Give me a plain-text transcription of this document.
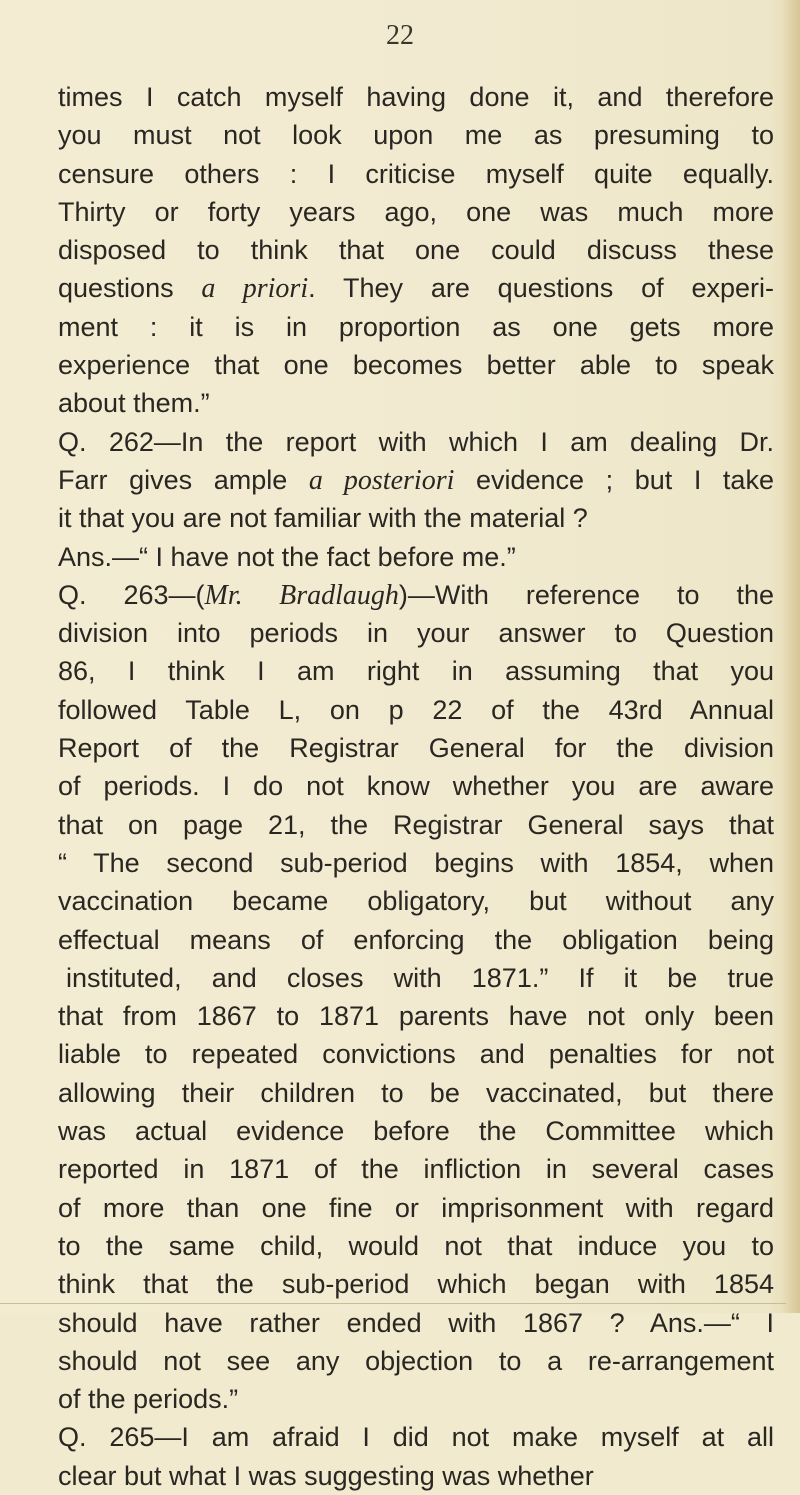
22
times I catch myself having done it, and therefore
you must not look upon me as presuming to
censure others : I criticise myself quite equally.
Thirty or forty years ago, one was much more
disposed to think that one could discuss these
questions a priori. They are questions of experi-
ment : it is in proportion as one gets more
experience that one becomes better able to speak
about them.”
Q. 262—In the report with which I am dealing Dr.
Farr gives ample a posteriori evidence ; but I take
it that you are not familiar with the material ?
Ans.—“ I have not the fact before me.”
Q. 263—(Mr. Bradlaugh)—With reference to the
division into periods in your answer to Question
86, I think I am right in assuming that you
followed Table L, on p 22 of the 43rd Annual
Report of the Registrar General for the division
of periods. I do not know whether you are aware
that on page 21, the Registrar General says that
“ The second sub-period begins with 1854, when
vaccination became obligatory, but without any
effectual means of enforcing the obligation being
instituted, and closes with 1871.” If it be true
that from 1867 to 1871 parents have not only been
liable to repeated convictions and penalties for not
allowing their children to be vaccinated, but there
was actual evidence before the Committee which
reported in 1871 of the infliction in several cases
of more than one fine or imprisonment with regard
to the same child, would not that induce you to
think that the sub-period which began with 1854
should have rather ended with 1867 ? Ans.—“ I
should not see any objection to a re-arrangement
of the periods.”
Q. 265—I am afraid I did not make myself at all
clear but what I was suggesting was whether
